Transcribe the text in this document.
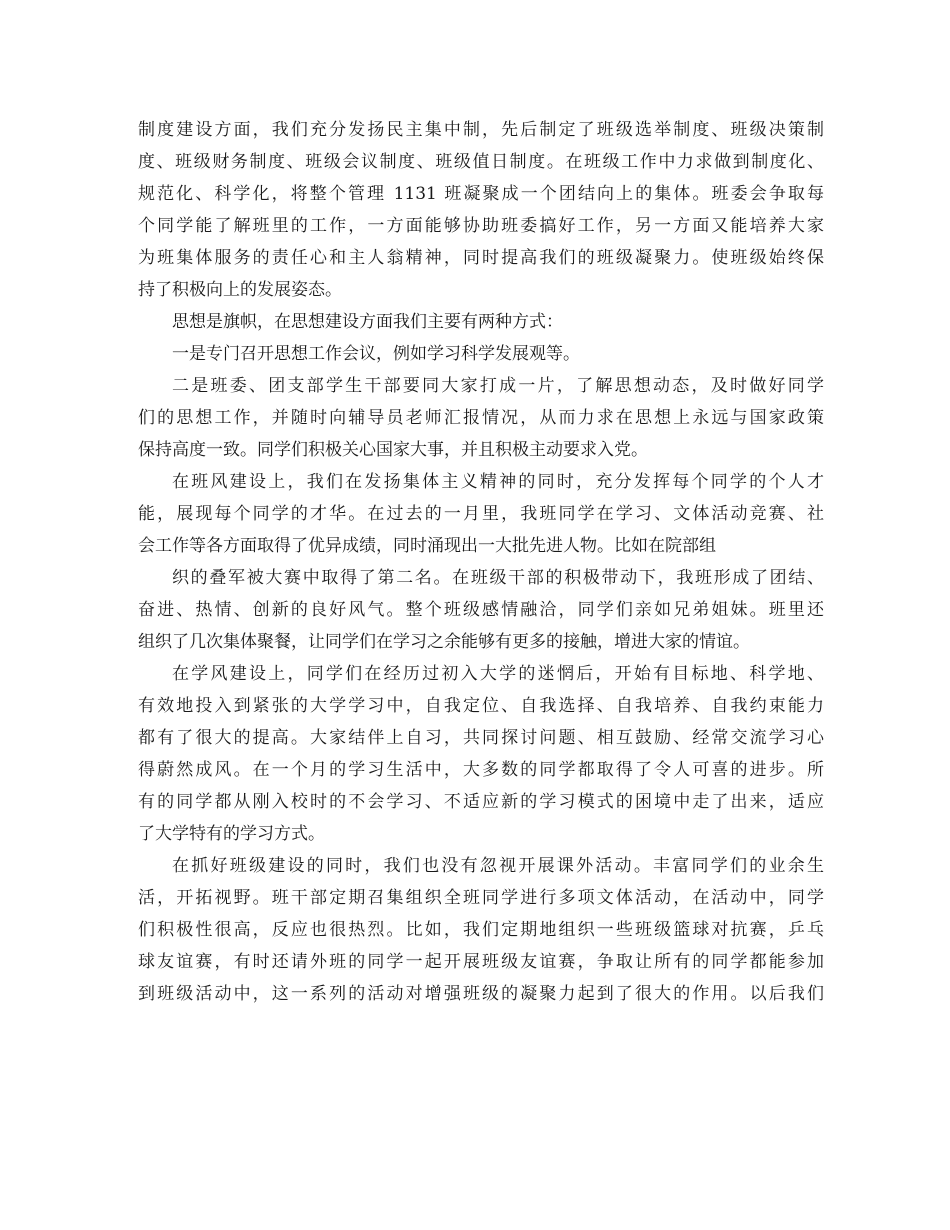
制度建设方面，我们充分发扬民主集中制，先后制定了班级选举制度、班级决策制
度、班级财务制度、班级会议制度、班级值日制度。在班级工作中力求做到制度化、
规范化、科学化，将整个管理 1131 班凝聚成一个团结向上的集体。班委会争取每
个同学能了解班里的工作，一方面能够协助班委搞好工作，另一方面又能培养大家
为班集体服务的责任心和主人翁精神，同时提高我们的班级凝聚力。使班级始终保
持了积极向上的发展姿态。
思想是旗帜，在思想建设方面我们主要有两种方式：
一是专门召开思想工作会议，例如学习科学发展观等。
二是班委、团支部学生干部要同大家打成一片，了解思想动态，及时做好同学
们的思想工作，并随时向辅导员老师汇报情况，从而力求在思想上永远与国家政策
保持高度一致。同学们积极关心国家大事，并且积极主动要求入党。
在班风建设上，我们在发扬集体主义精神的同时，充分发挥每个同学的个人才
能，展现每个同学的才华。在过去的一月里，我班同学在学习、文体活动竞赛、社
会工作等各方面取得了优异成绩，同时涌现出一大批先进人物。比如在院部组
织的叠军被大赛中取得了第二名。在班级干部的积极带动下，我班形成了团结、
奋进、热情、创新的良好风气。整个班级感情融洽，同学们亲如兄弟姐妹。班里还
组织了几次集体聚餐，让同学们在学习之余能够有更多的接触，增进大家的情谊。
在学风建设上，同学们在经历过初入大学的迷惘后，开始有目标地、科学地、
有效地投入到紧张的大学学习中，自我定位、自我选择、自我培养、自我约束能力
都有了很大的提高。大家结伴上自习，共同探讨问题、相互鼓励、经常交流学习心
得蔚然成风。在一个月的学习生活中，大多数的同学都取得了令人可喜的进步。所
有的同学都从刚入校时的不会学习、不适应新的学习模式的困境中走了出来，适应
了大学特有的学习方式。
在抓好班级建设的同时，我们也没有忽视开展课外活动。丰富同学们的业余生
活，开拓视野。班干部定期召集组织全班同学进行多项文体活动，在活动中，同学
们积极性很高，反应也很热烈。比如，我们定期地组织一些班级篮球对抗赛，乒乓
球友谊赛，有时还请外班的同学一起开展班级友谊赛，争取让所有的同学都能参加
到班级活动中，这一系列的活动对增强班级的凝聚力起到了很大的作用。以后我们
